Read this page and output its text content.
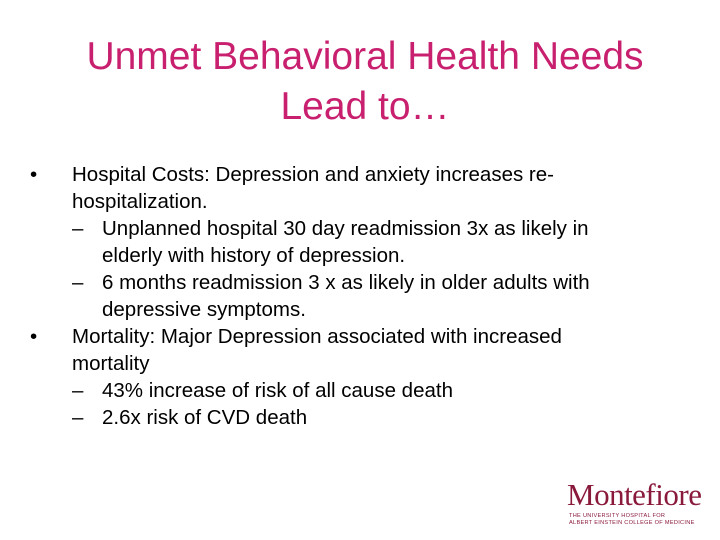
Unmet Behavioral Health Needs
Lead to…
•	Hospital Costs: Depression and anxiety increases re-
hospitalization.
– Unplanned hospital 30 day readmission 3x as likely in
elderly with history of depression.
– 6 months readmission 3 x as likely in older adults with
depressive symptoms.
•	Mortality: Major Depression associated with increased
mortality
– 43% increase of risk of all cause death
– 2.6x risk of CVD death
Montefiore
THE UNIVERSITY HOSPITAL FOR
ALBERT EINSTEIN COLLEGE OF MEDICINE
